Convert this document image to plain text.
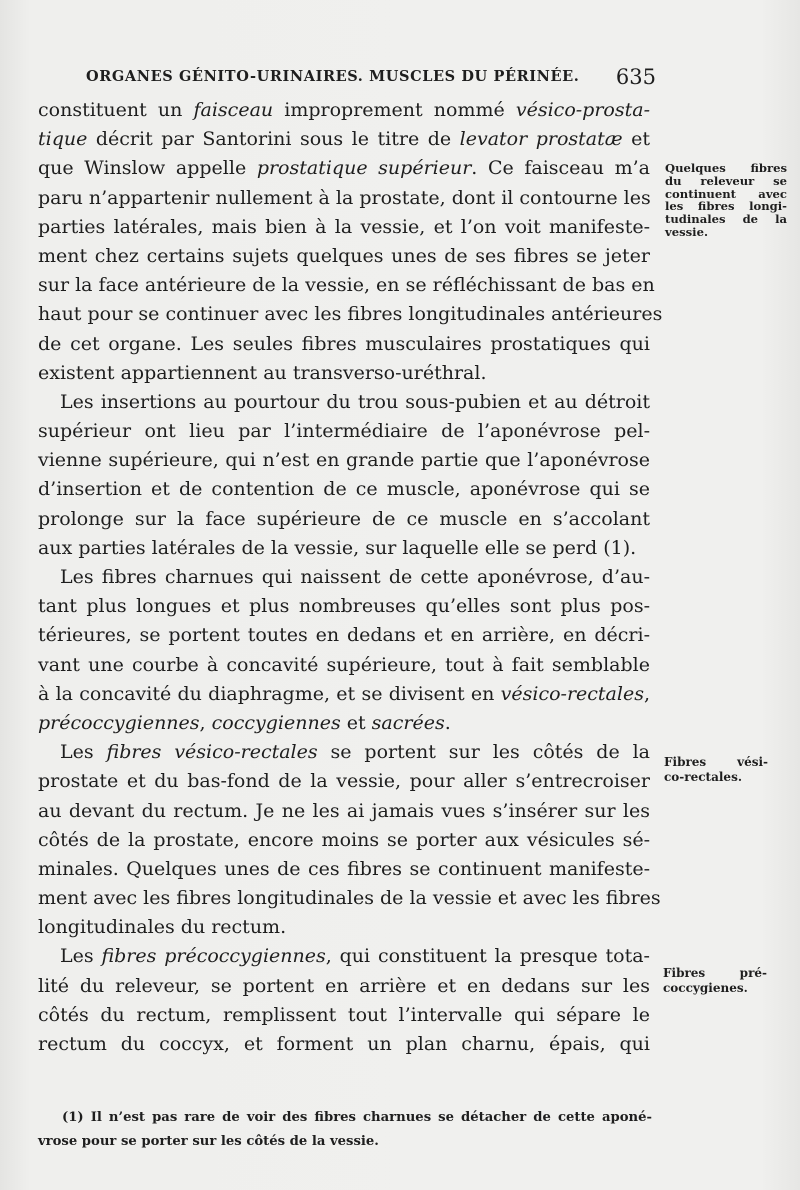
ORGANES GÉNITO-URINAIRES. MUSCLES DU PÉRINÉE. 635
constituent un faisceau improprement nommé vésico-prosta-
tique décrit par Santorini sous le titre de levator prostatæ et
que Winslow appelle prostatique supérieur. Ce faisceau m’a
paru n’appartenir nullement à la prostate, dont il contourne les
parties latérales, mais bien à la vessie, et l’on voit manifeste-
ment chez certains sujets quelques unes de ses fibres se jeter
sur la face antérieure de la vessie, en se réfléchissant de bas en
haut pour se continuer avec les fibres longitudinales antérieures
de cet organe. Les seules fibres musculaires prostatiques qui
existent appartiennent au transverso-uréthral.
Les insertions au pourtour du trou sous-pubien et au détroit
supérieur ont lieu par l’intermédiaire de l’aponévrose pel-
vienne supérieure, qui n’est en grande partie que l’aponévrose
d’insertion et de contention de ce muscle, aponévrose qui se
prolonge sur la face supérieure de ce muscle en s’accolant
aux parties latérales de la vessie, sur laquelle elle se perd (1).
Les fibres charnues qui naissent de cette aponévrose, d’au-
tant plus longues et plus nombreuses qu’elles sont plus pos-
térieures, se portent toutes en dedans et en arrière, en décri-
vant une courbe à concavité supérieure, tout à fait semblable
à la concavité du diaphragme, et se divisent en vésico-rectales,
précoccygiennes, coccygiennes et sacrées.
Les fibres vésico-rectales se portent sur les côtés de la
prostate et du bas-fond de la vessie, pour aller s’entrecroiser
au devant du rectum. Je ne les ai jamais vues s’insérer sur les
côtés de la prostate, encore moins se porter aux vésicules sé-
minales. Quelques unes de ces fibres se continuent manifeste-
ment avec les fibres longitudinales de la vessie et avec les fibres
longitudinales du rectum.
Les fibres précoccygiennes, qui constituent la presque tota-
lité du releveur, se portent en arrière et en dedans sur les
côtés du rectum, remplissent tout l’intervalle qui sépare le
rectum du coccyx, et forment un plan charnu, épais, qui
Quelques fibres
du releveur se
continuent avec
les fibres longi-
tudinales de la
vessie.
Fibres vési-
co-rectales.
Fibres pré-
coccygienes.
(1) Il n’est pas rare de voir des fibres charnues se détacher de cette aponé-
vrose pour se porter sur les côtés de la vessie.
